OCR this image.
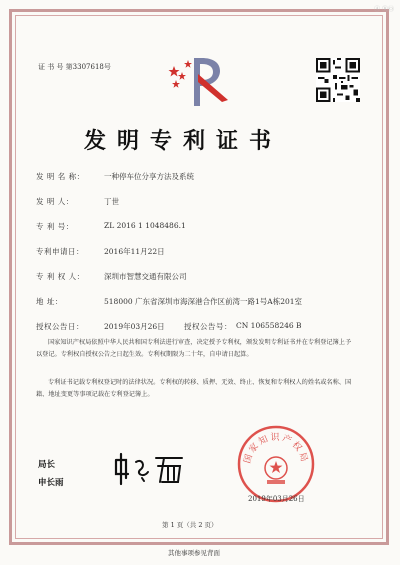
Ⓐ ⓇⓄ
证 书 号 第3307618号
发明专利证书
发 明 名 称：	一种停车位分享方法及系统
发 明 人：	丁世
专 利 号：	ZL 2016 1 1048486.1
专利申请日：	2016年11月22日
专 利 权 人：	深圳市智慧交通有限公司
地 址：	518000 广东省深圳市海深港合作区前湾一路1号A栋201室
授权公告日：	2019年03月26日	授权公告号： CN 106558246 B
国家知识产权局依照中华人民共和国专利法进行审查，决定授予专利权，颁发发明专利证书并在专利登记簿上予以登记。专利权自授权公告之日起生效。专利权期限为二十年，自申请日起算。
专利证书记载专利权登记时的法律状况。专利权的转移、质押、无效、终止、恢复和专利权人的姓名或名称、国籍、地址变更等事项记载在专利登记簿上。
国家知识产权局
2019年03月26日
局长
申长雨
第 1 页（共 2 页）
其他事项参见背面
